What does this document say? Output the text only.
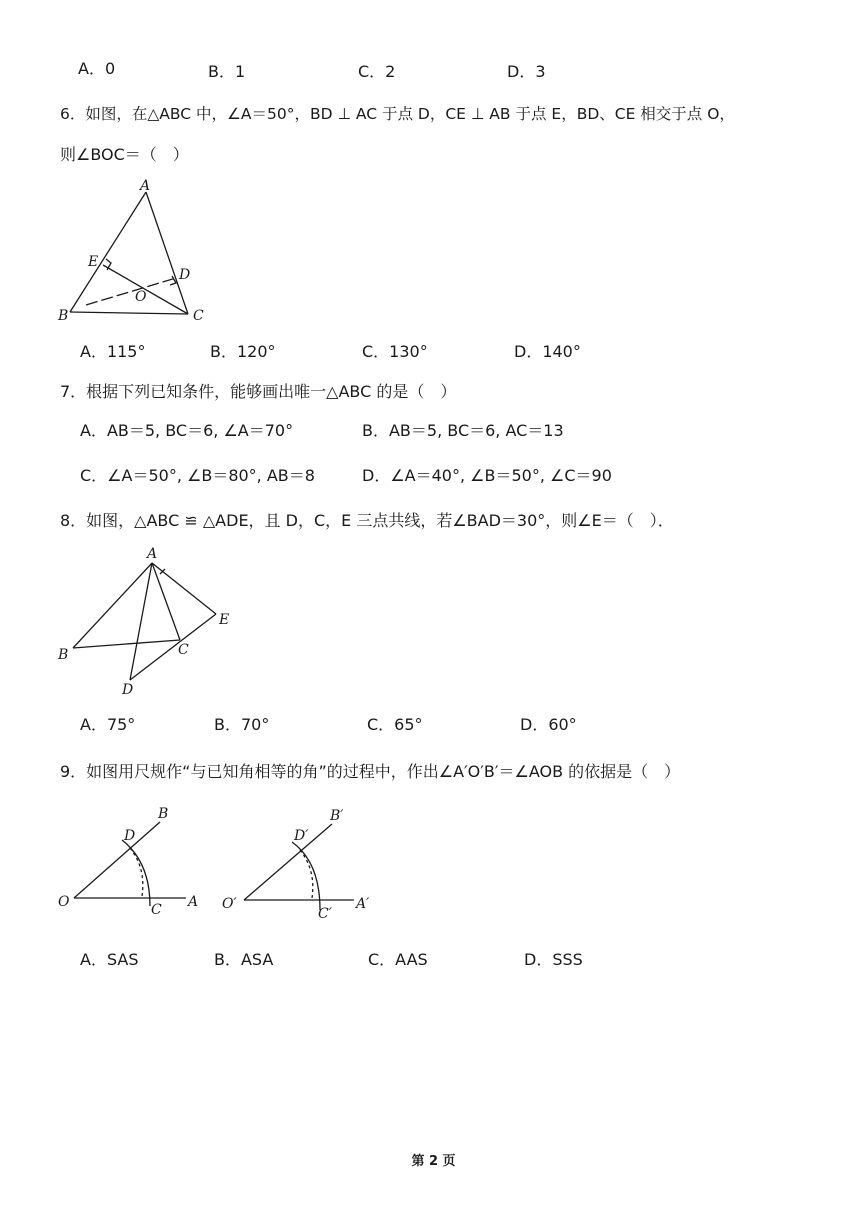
A．0	B．1	C．2	D．3
6．如图，在△ABC 中，∠A＝50°，BD ⊥ AC 于点 D，CE ⊥ AB 于点 E，BD、CE 相交于点 O，
则∠BOC＝（　）
A
B	C
D
E
O
A．115°	B．120°	C．130°	D．140°
7．根据下列已知条件，能够画出唯一△ABC 的是（　）
A．AB＝5, BC＝6, ∠A＝70°	B．AB＝5, BC＝6, AC＝13
C．∠A＝50°, ∠B＝80°, AB＝8	D．∠A＝40°, ∠B＝50°, ∠C＝90
8．如图，△ABC ≌ △ADE，且 D，C，E 三点共线，若∠BAD＝30°，则∠E＝（　）．
A
B	C
D
E
A．75°	B．70°	C．65°	D．60°
9．如图用尺规作“与已知角相等的角”的过程中，作出∠A′O′B′＝∠AOB 的依据是（　）
O	A
B
C
D
O′	A′
B′
C′
D′
A．SAS	B．ASA	C．AAS	D．SSS
第 2 页
